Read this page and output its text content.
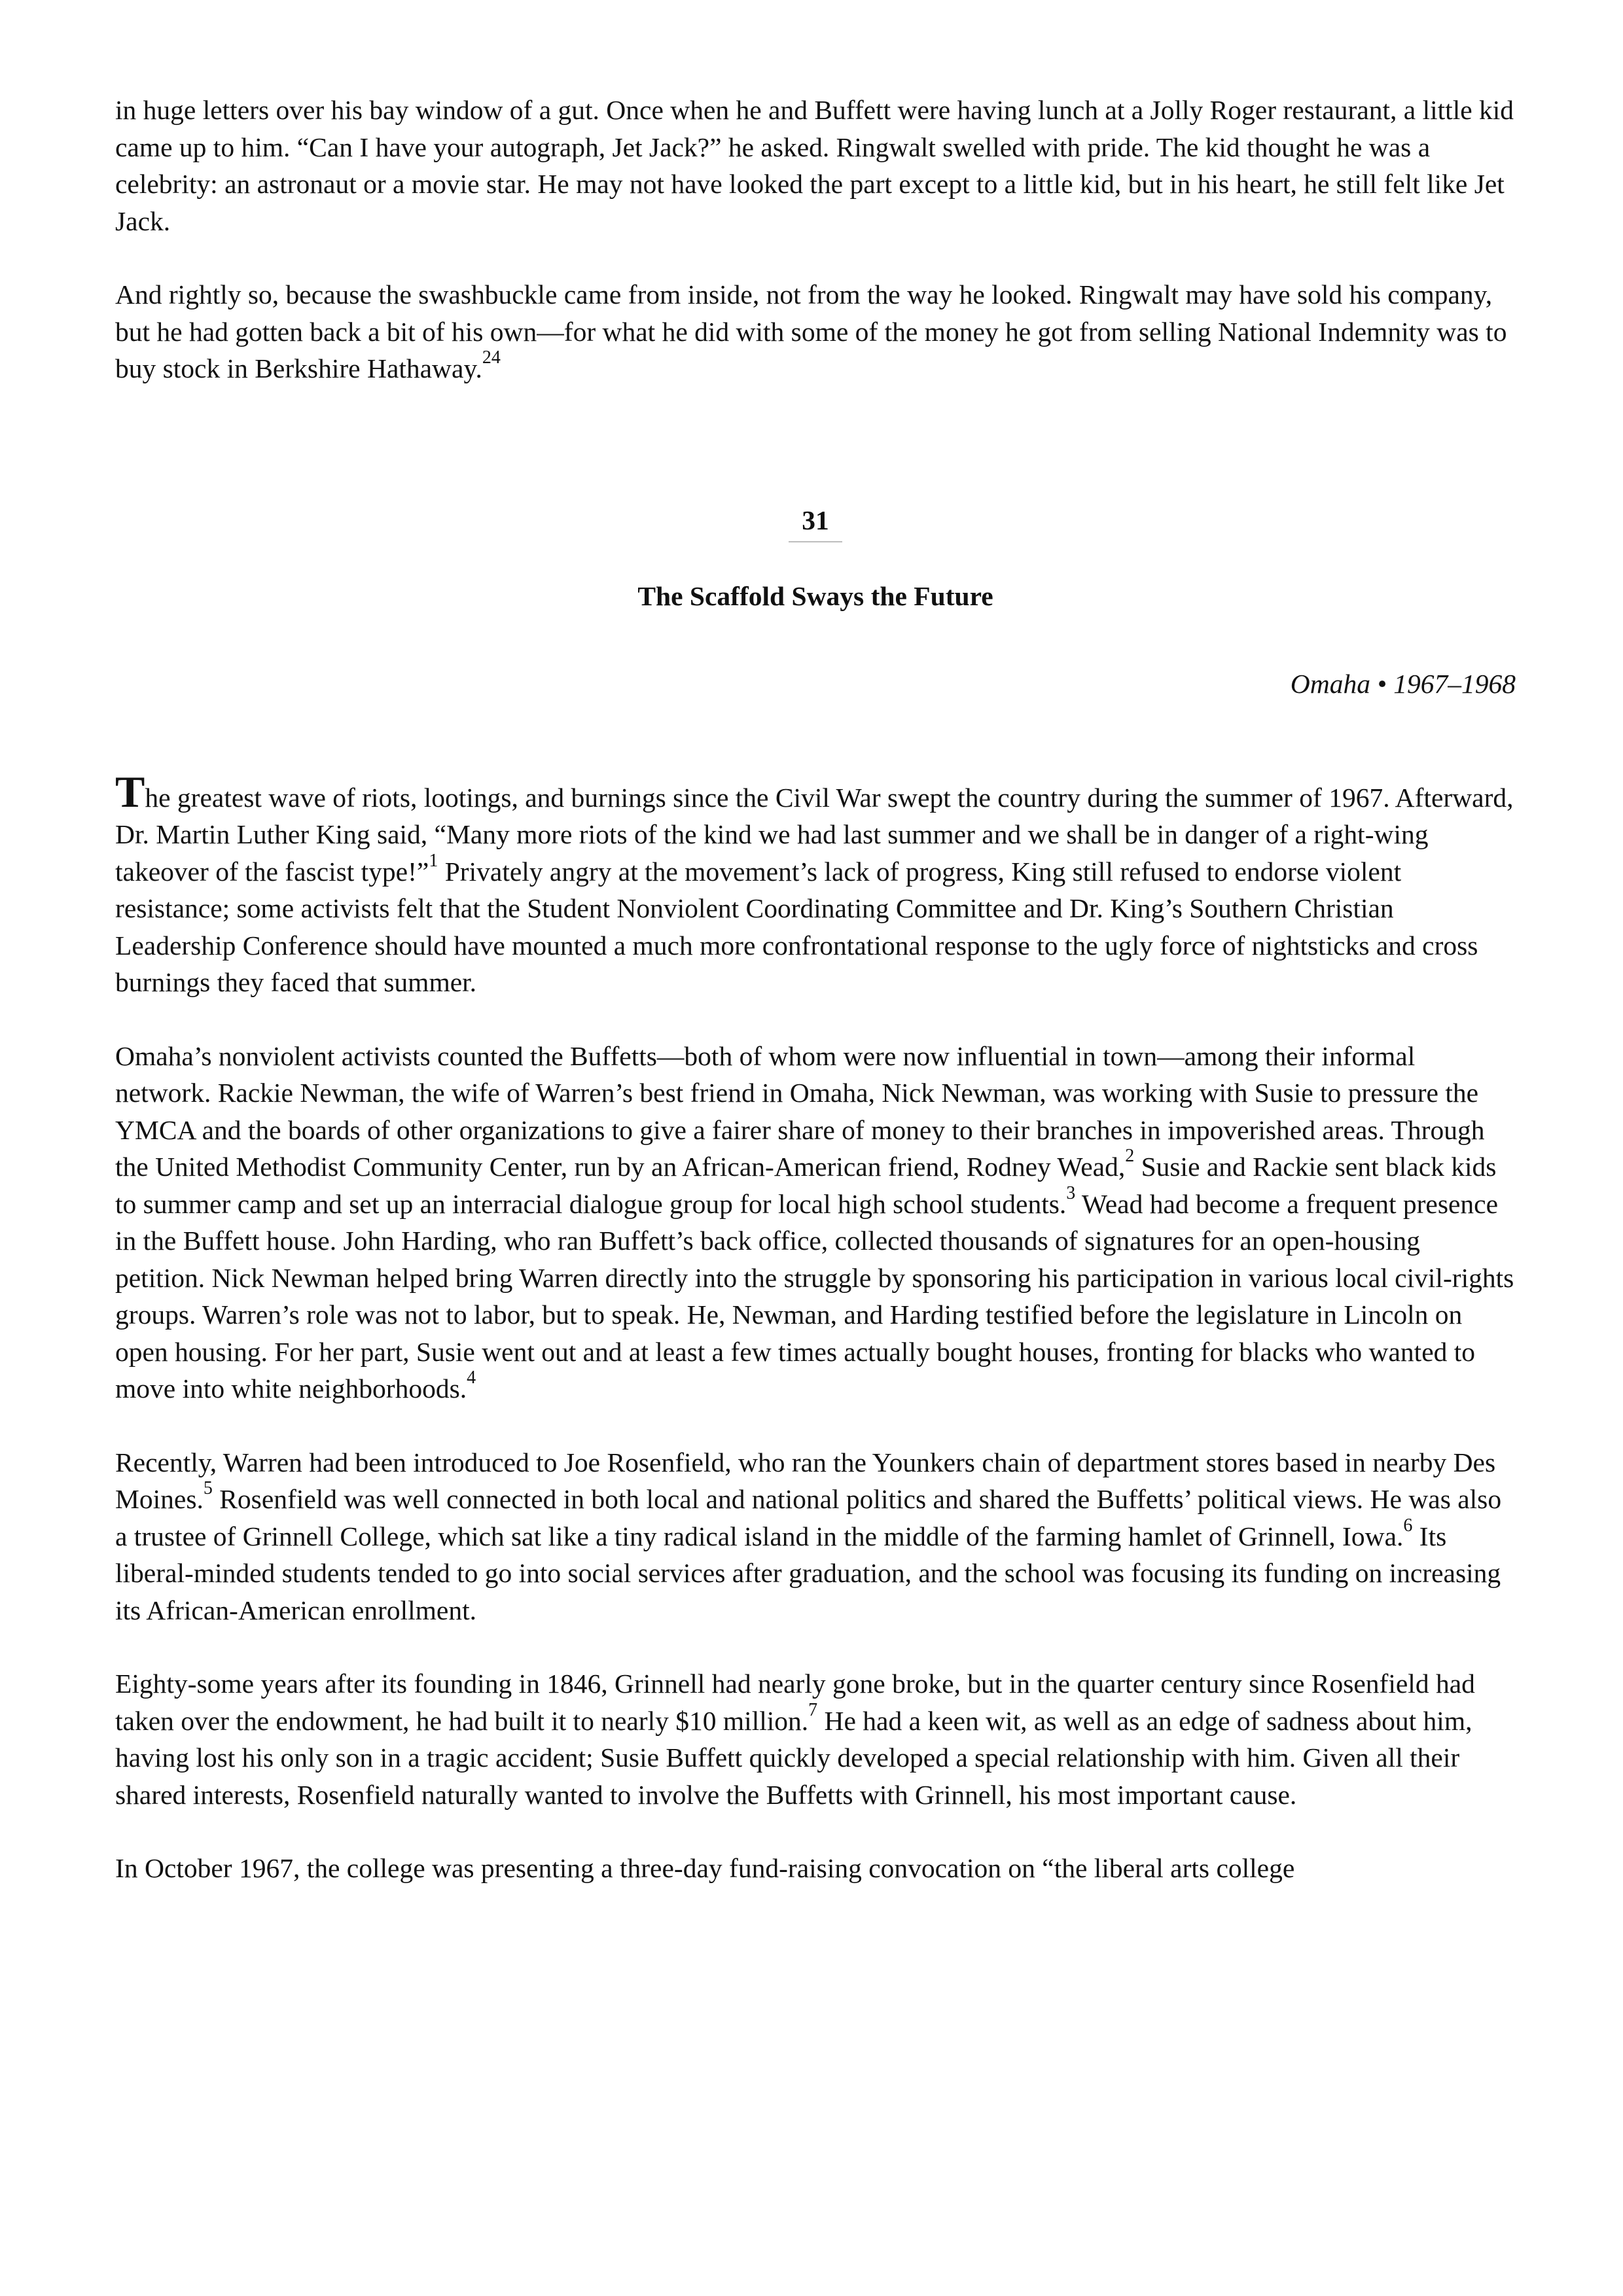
in huge letters over his bay window of a gut. Once when he and Buffett were having lunch at a Jolly Roger restaurant, a little kid came up to him. “Can I have your autograph, Jet Jack?” he asked. Ringwalt swelled with pride. The kid thought he was a celebrity: an astronaut or a movie star. He may not have looked the part except to a little kid, but in his heart, he still felt like Jet Jack.

And rightly so, because the swashbuckle came from inside, not from the way he looked. Ringwalt may have sold his company, but he had gotten back a bit of his own—for what he did with some of the money he got from selling National Indemnity was to buy stock in Berkshire Hathaway.$^{24}$

31
The Scaffold Sways the Future
Omaha • 1967–1968

The greatest wave of riots, lootings, and burnings since the Civil War swept the country during the summer of 1967. Afterward, Dr. Martin Luther King said, “Many more riots of the kind we had last summer and we shall be in danger of a right-wing takeover of the fascist type!”$^1$ Privately angry at the movement’s lack of progress, King still refused to endorse violent resistance; some activists felt that the Student Nonviolent Coordinating Committee and Dr. King’s Southern Christian Leadership Conference should have mounted a much more confrontational response to the ugly force of nightsticks and cross burnings they faced that summer.

Omaha’s nonviolent activists counted the Buffetts—both of whom were now influential in town—among their informal network. Rackie Newman, the wife of Warren’s best friend in Omaha, Nick Newman, was working with Susie to pressure the YMCA and the boards of other organizations to give a fairer share of money to their branches in impoverished areas. Through the United Methodist Community Center, run by an African-American friend, Rodney Wead,$^2$ Susie and Rackie sent black kids to summer camp and set up an interracial dialogue group for local high school students.$^3$ Wead had become a frequent presence in the Buffett house. John Harding, who ran Buffett’s back office, collected thousands of signatures for an open-housing petition. Nick Newman helped bring Warren directly into the struggle by sponsoring his participation in various local civil-rights groups. Warren’s role was not to labor, but to speak. He, Newman, and Harding testified before the legislature in Lincoln on open housing. For her part, Susie went out and at least a few times actually bought houses, fronting for blacks who wanted to move into white neighborhoods.$^4$

Recently, Warren had been introduced to Joe Rosenfield, who ran the Younkers chain of department stores based in nearby Des Moines.$^5$ Rosenfield was well connected in both local and national politics and shared the Buffetts’ political views. He was also a trustee of Grinnell College, which sat like a tiny radical island in the middle of the farming hamlet of Grinnell, Iowa.$^6$ Its liberal-minded students tended to go into social services after graduation, and the school was focusing its funding on increasing its African-American enrollment.

Eighty-some years after its founding in 1846, Grinnell had nearly gone broke, but in the quarter century since Rosenfield had taken over the endowment, he had built it to nearly $10 million.$^7$ He had a keen wit, as well as an edge of sadness about him, having lost his only son in a tragic accident; Susie Buffett quickly developed a special relationship with him. Given all their shared interests, Rosenfield naturally wanted to involve the Buffetts with Grinnell, his most important cause.

In October 1967, the college was presenting a three-day fund-raising convocation on “the liberal arts college
